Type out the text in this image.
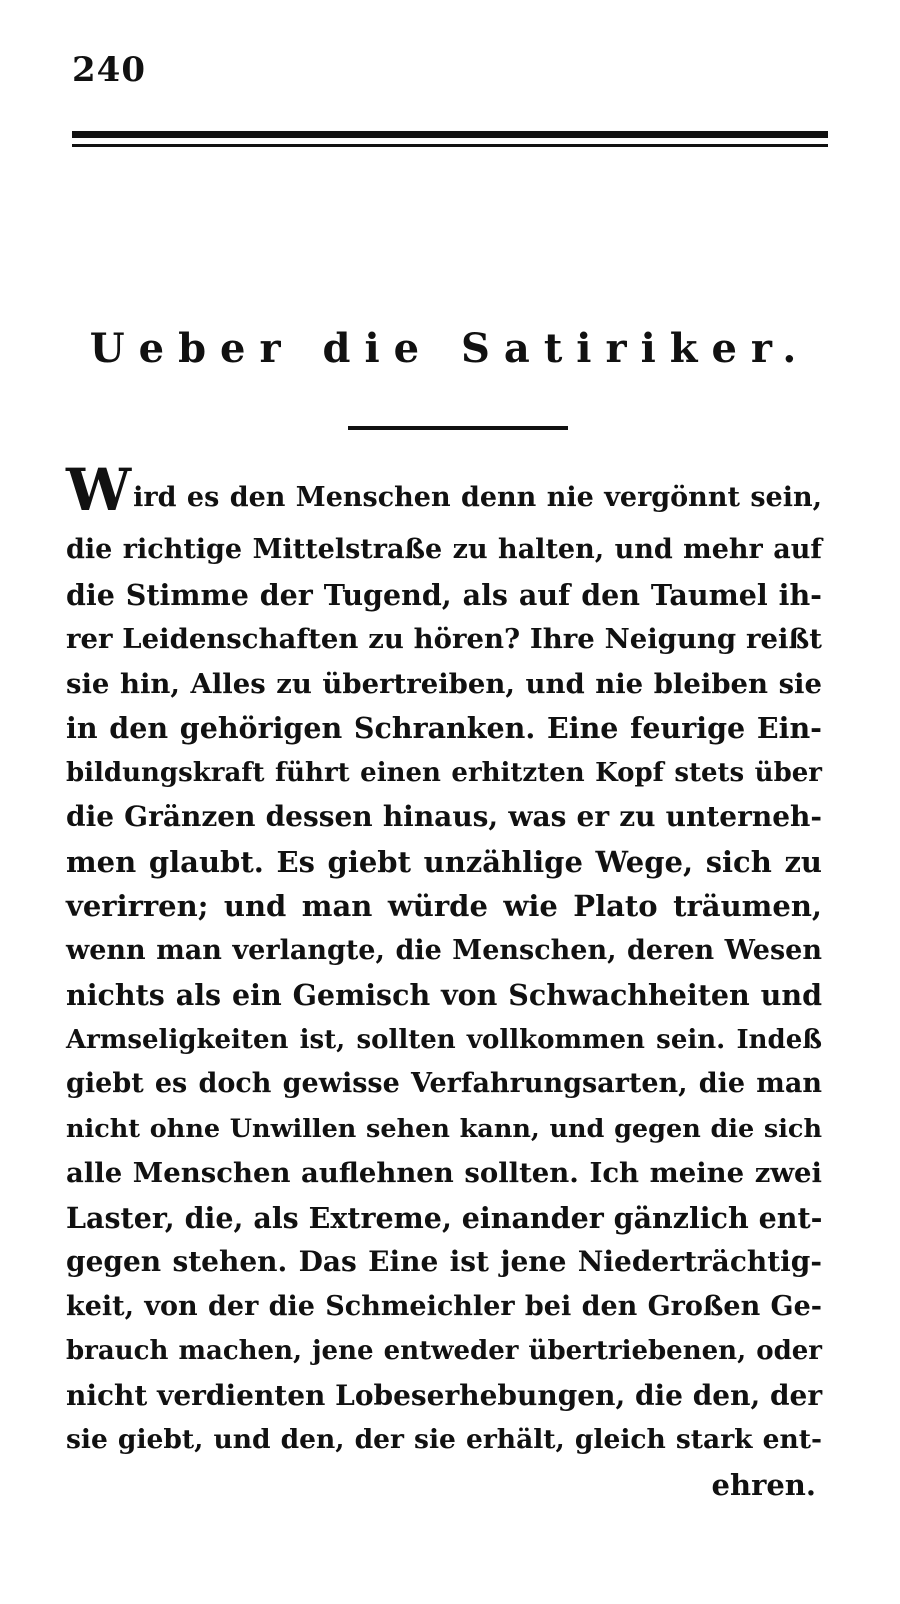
240
Ueber die Satiriker.
Wird es den Menschen denn nie vergönnt sein,
die richtige Mittelstraße zu halten, und mehr auf
die Stimme der Tugend, als auf den Taumel ih-
rer Leidenschaften zu hören? Ihre Neigung reißt
sie hin, Alles zu übertreiben, und nie bleiben sie
in den gehörigen Schranken. Eine feurige Ein-
bildungskraft führt einen erhitzten Kopf stets über
die Gränzen dessen hinaus, was er zu unterneh-
men glaubt. Es giebt unzählige Wege, sich zu
verirren; und man würde wie Plato träumen,
wenn man verlangte, die Menschen, deren Wesen
nichts als ein Gemisch von Schwachheiten und
Armseligkeiten ist, sollten vollkommen sein. Indeß
giebt es doch gewisse Verfahrungsarten, die man
nicht ohne Unwillen sehen kann, und gegen die sich
alle Menschen auflehnen sollten. Ich meine zwei
Laster, die, als Extreme, einander gänzlich ent-
gegen stehen. Das Eine ist jene Niederträchtig-
keit, von der die Schmeichler bei den Großen Ge-
brauch machen, jene entweder übertriebenen, oder
nicht verdienten Lobeserhebungen, die den, der
sie giebt, und den, der sie erhält, gleich stark ent-
ehren.
